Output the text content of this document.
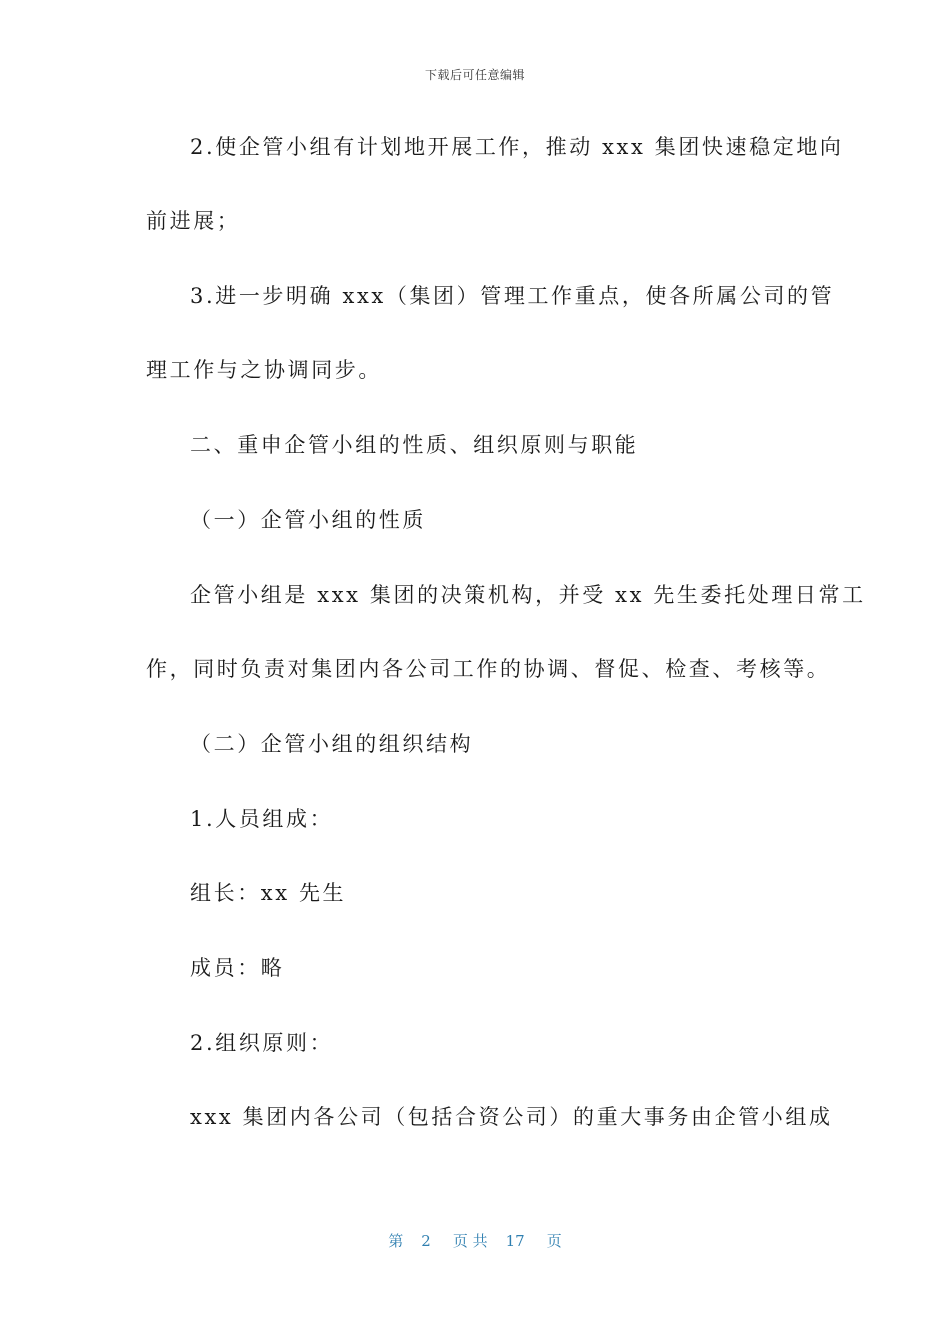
下载后可任意编辑
2.使企管小组有计划地开展工作，推动 xxx 集团快速稳定地向
前进展；
3.进一步明确 xxx（集团）管理工作重点，使各所属公司的管
理工作与之协调同步。
二、重申企管小组的性质、组织原则与职能
（一）企管小组的性质
企管小组是 xxx 集团的决策机构，并受 xx 先生委托处理日常工
作，同时负责对集团内各公司工作的协调、督促、检查、考核等。
（二）企管小组的组织结构
1.人员组成：
组长：xx 先生
成员：略
2.组织原则：
xxx 集团内各公司（包括合资公司）的重大事务由企管小组成
第 2 页 共 17 页
